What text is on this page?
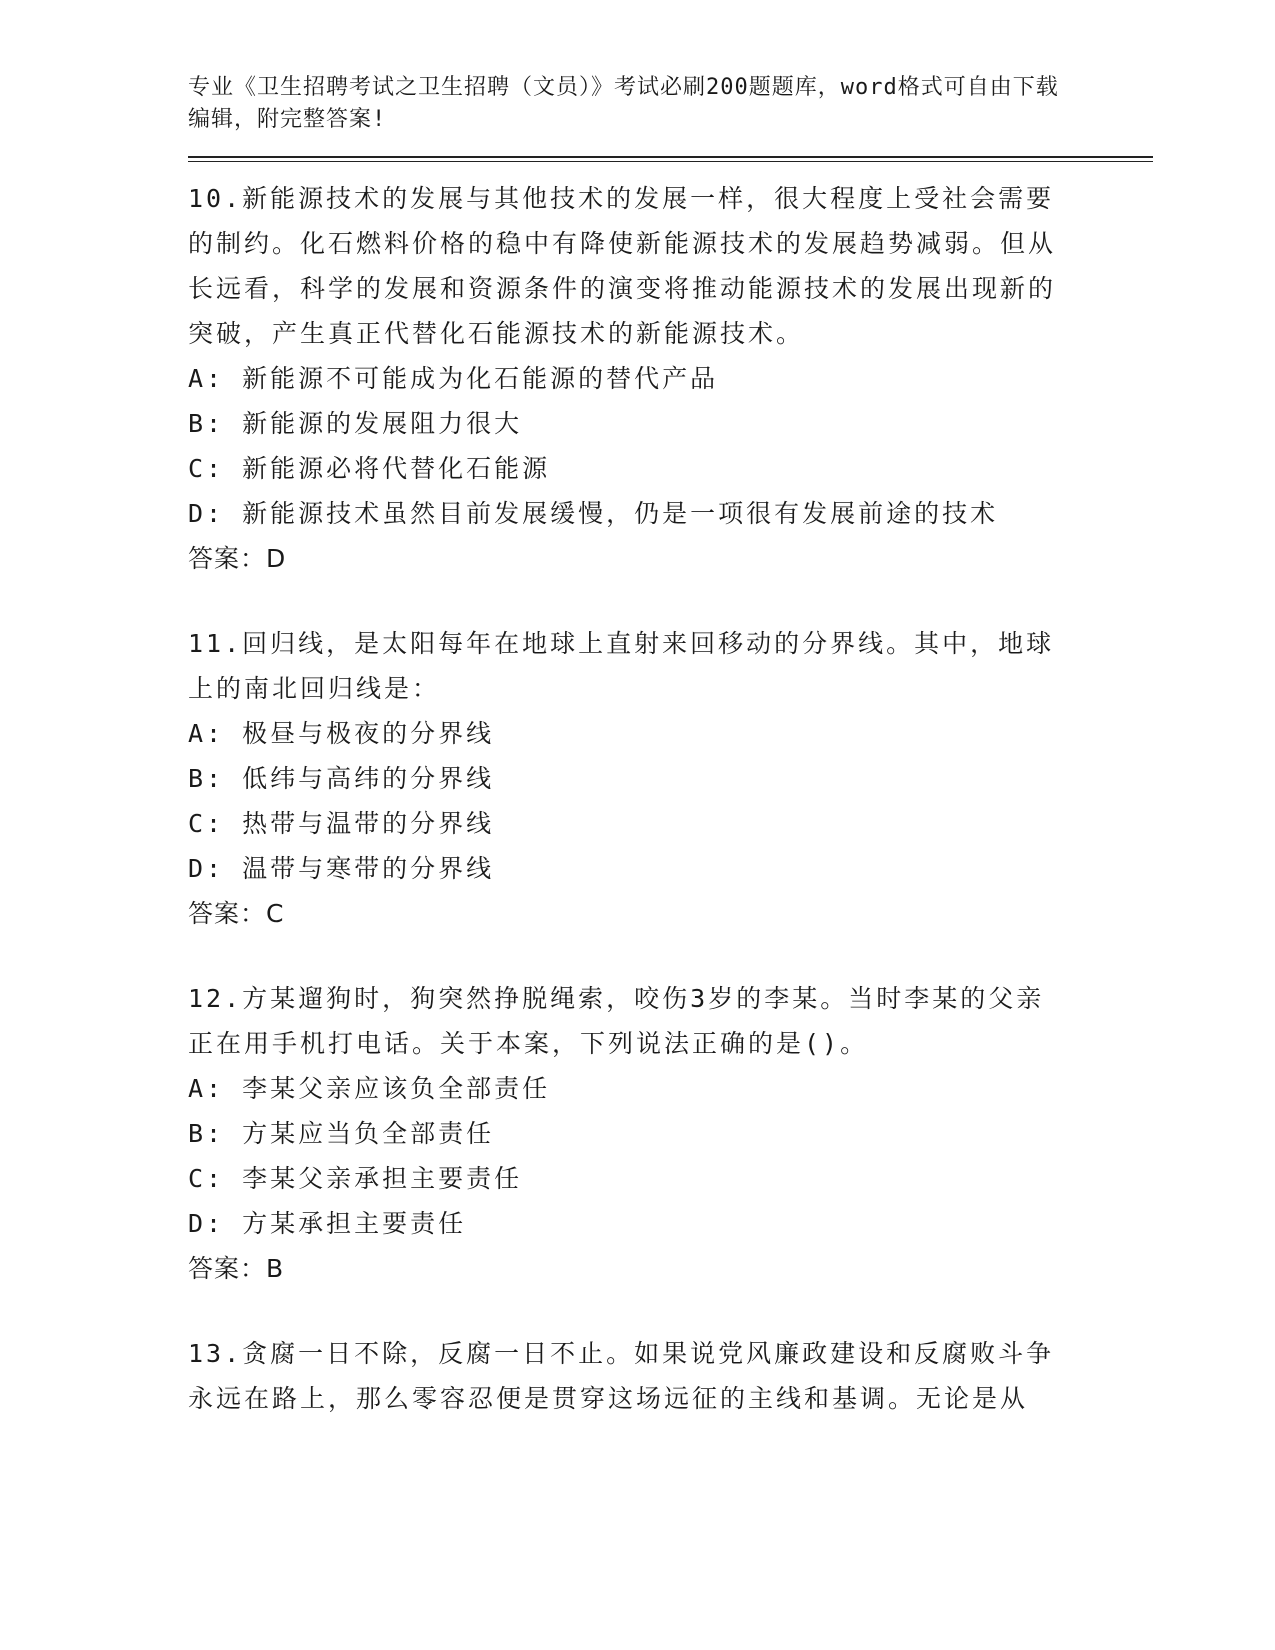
专业《卫生招聘考试之卫生招聘（文员）》考试必刷200题题库，word格式可自由下载编辑，附完整答案!
10.新能源技术的发展与其他技术的发展一样，很大程度上受社会需要的制约。化石燃料价格的稳中有降使新能源技术的发展趋势减弱。但从长远看，科学的发展和资源条件的演变将推动能源技术的发展出现新的突破，产生真正代替化石能源技术的新能源技术。
A: 新能源不可能成为化石能源的替代产品
B: 新能源的发展阻力很大
C: 新能源必将代替化石能源
D: 新能源技术虽然目前发展缓慢，仍是一项很有发展前途的技术
答案：D
11.回归线，是太阳每年在地球上直射来回移动的分界线。其中，地球上的南北回归线是：
A: 极昼与极夜的分界线
B: 低纬与高纬的分界线
C: 热带与温带的分界线
D: 温带与寒带的分界线
答案：C
12.方某遛狗时，狗突然挣脱绳索，咬伤3岁的李某。当时李某的父亲正在用手机打电话。关于本案，下列说法正确的是()。
A: 李某父亲应该负全部责任
B: 方某应当负全部责任
C: 李某父亲承担主要责任
D: 方某承担主要责任
答案：B
13.贪腐一日不除，反腐一日不止。如果说党风廉政建设和反腐败斗争永远在路上，那么零容忍便是贯穿这场远征的主线和基调。无论是从
